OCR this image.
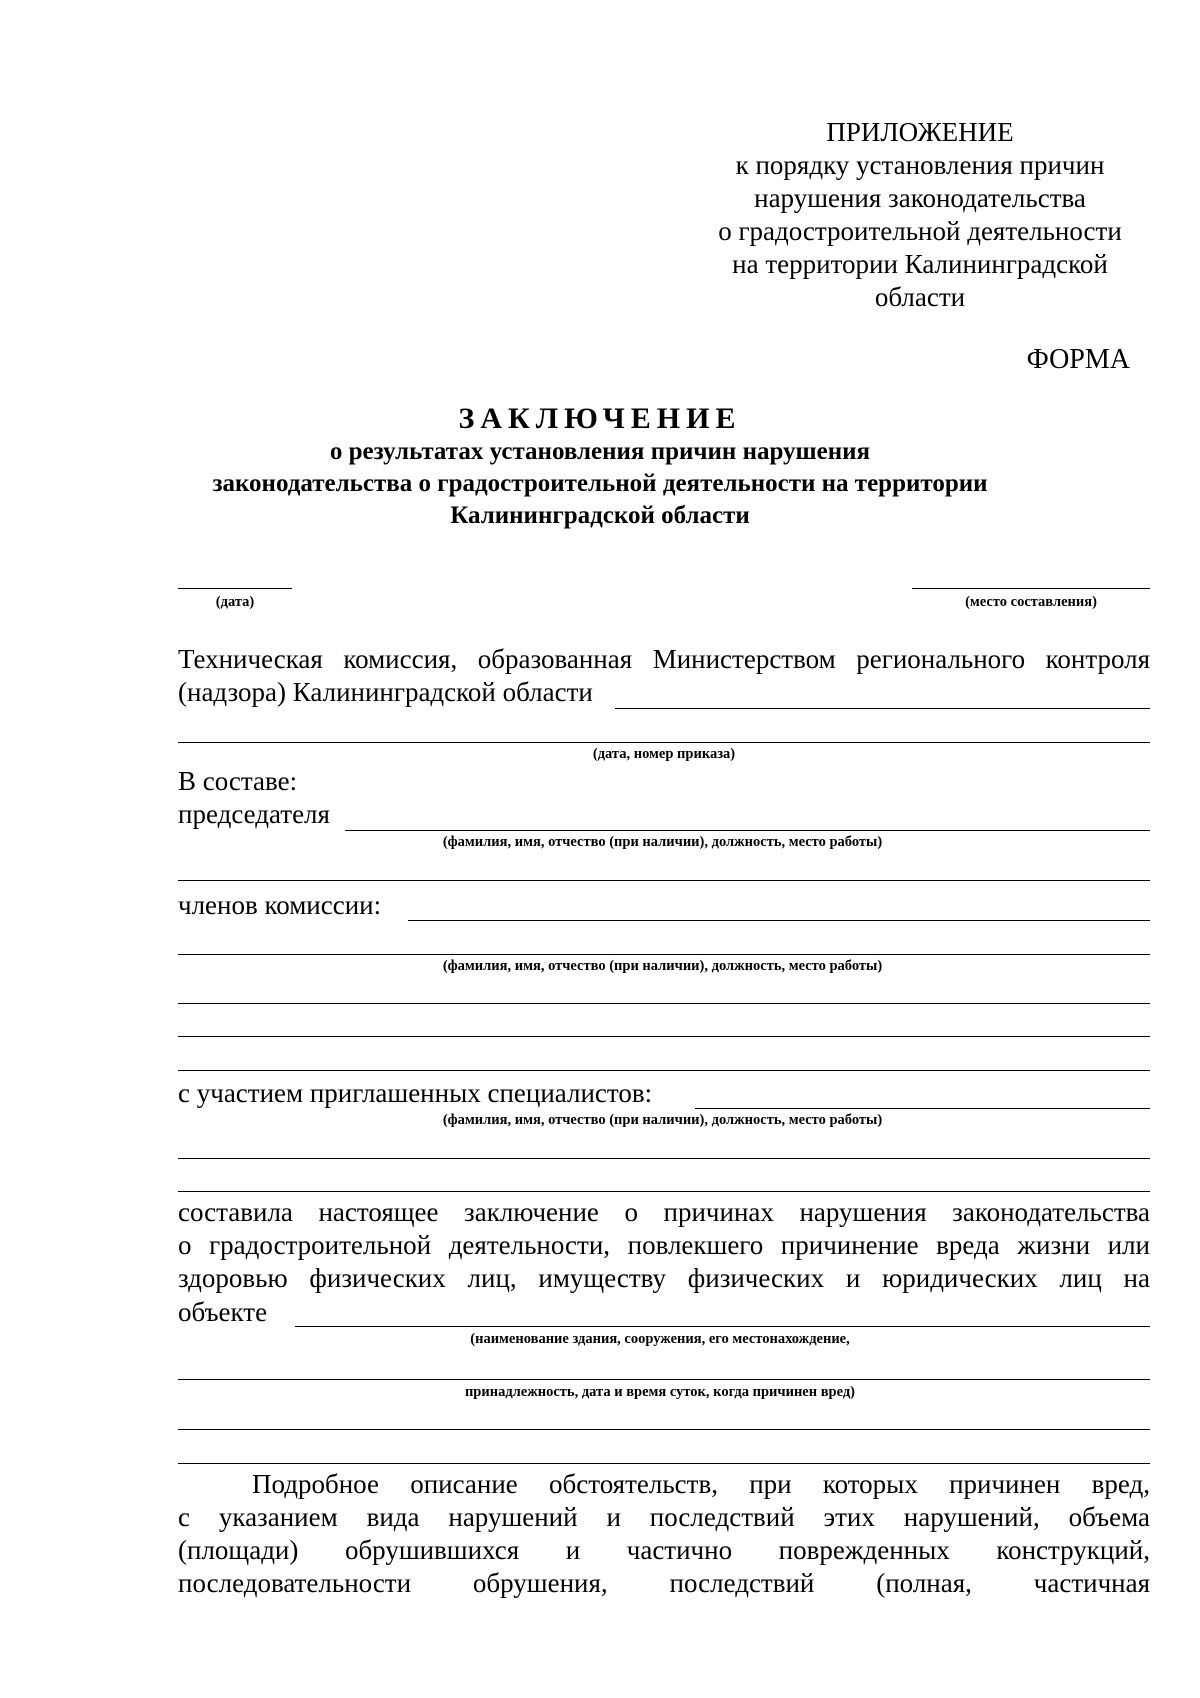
ПРИЛОЖЕНИЕ
к порядку установления причин
нарушения законодательства
о градостроительной деятельности
на территории Калининградской
области
ФОРМА
ЗАКЛЮЧЕНИЕ
о результатах установления причин нарушения
законодательства о градостроительной деятельности на территории
Калининградской области
(дата)	(место составления)
Техническая комиссия, образованная Министерством регионального контроля
(надзора) Калининградской области
(дата, номер приказа)
В составе:
председателя
(фамилия, имя, отчество (при наличии), должность, место работы)
членов комиссии:
(фамилия, имя, отчество (при наличии), должность, место работы)
с участием приглашенных специалистов:
(фамилия, имя, отчество (при наличии), должность, место работы)
составила настоящее заключение о причинах нарушения законодательства
о градостроительной деятельности, повлекшего причинение вреда жизни или
здоровью физических лиц, имуществу физических и юридических лиц на
объекте
(наименование здания, сооружения, его местонахождение,
принадлежность, дата и время суток, когда причинен вред)
Подробное описание обстоятельств, при которых причинен вред,
с указанием вида нарушений и последствий этих нарушений, объема
(площади) обрушившихся и частично поврежденных конструкций,
последовательности обрушения, последствий (полная, частичная
